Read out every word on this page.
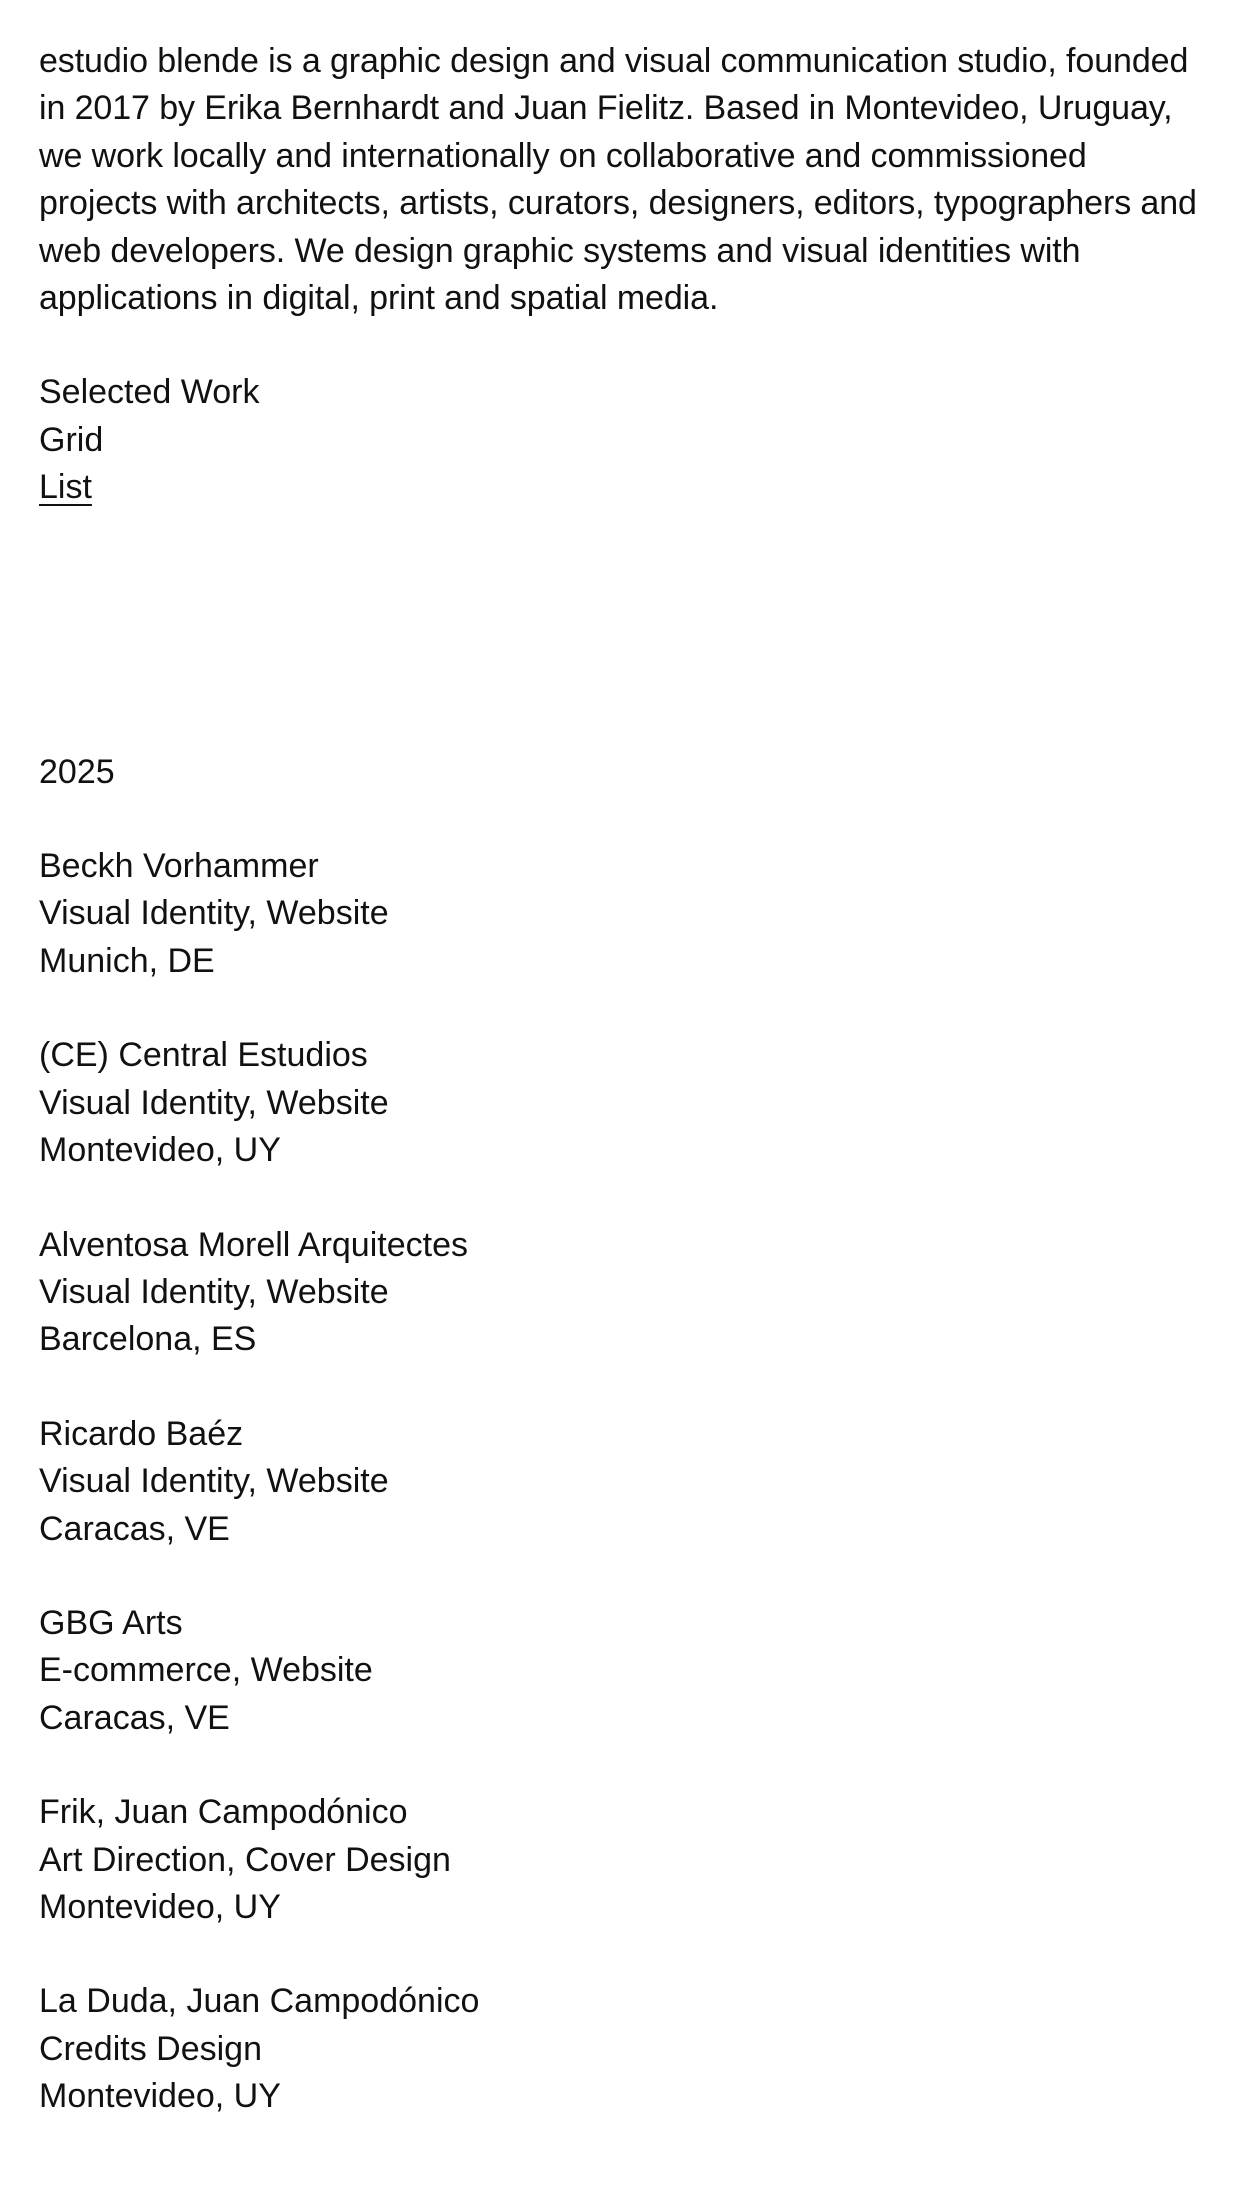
estudio blende is a graphic design and visual communication studio, founded in 2017 by Erika Bernhardt and Juan Fielitz. Based in Montevideo, Uruguay, we work locally and internationally on collaborative and commissioned projects with architects, artists, curators, designers, editors, typographers and web developers. We design graphic systems and visual identities with applications in digital, print and spatial media.

Selected Work
Grid
List
2025
Beckh Vorhammer
Visual Identity, Website
Munich, DE
(CE) Central Estudios
Visual Identity, Website
Montevideo, UY
Alventosa Morell Arquitectes
Visual Identity, Website
Barcelona, ES
Ricardo Baéz
Visual Identity, Website
Caracas, VE
GBG Arts
E-commerce, Website
Caracas, VE
Frik, Juan Campodónico
Art Direction, Cover Design
Montevideo, UY
La Duda, Juan Campodónico
Credits Design
Montevideo, UY
